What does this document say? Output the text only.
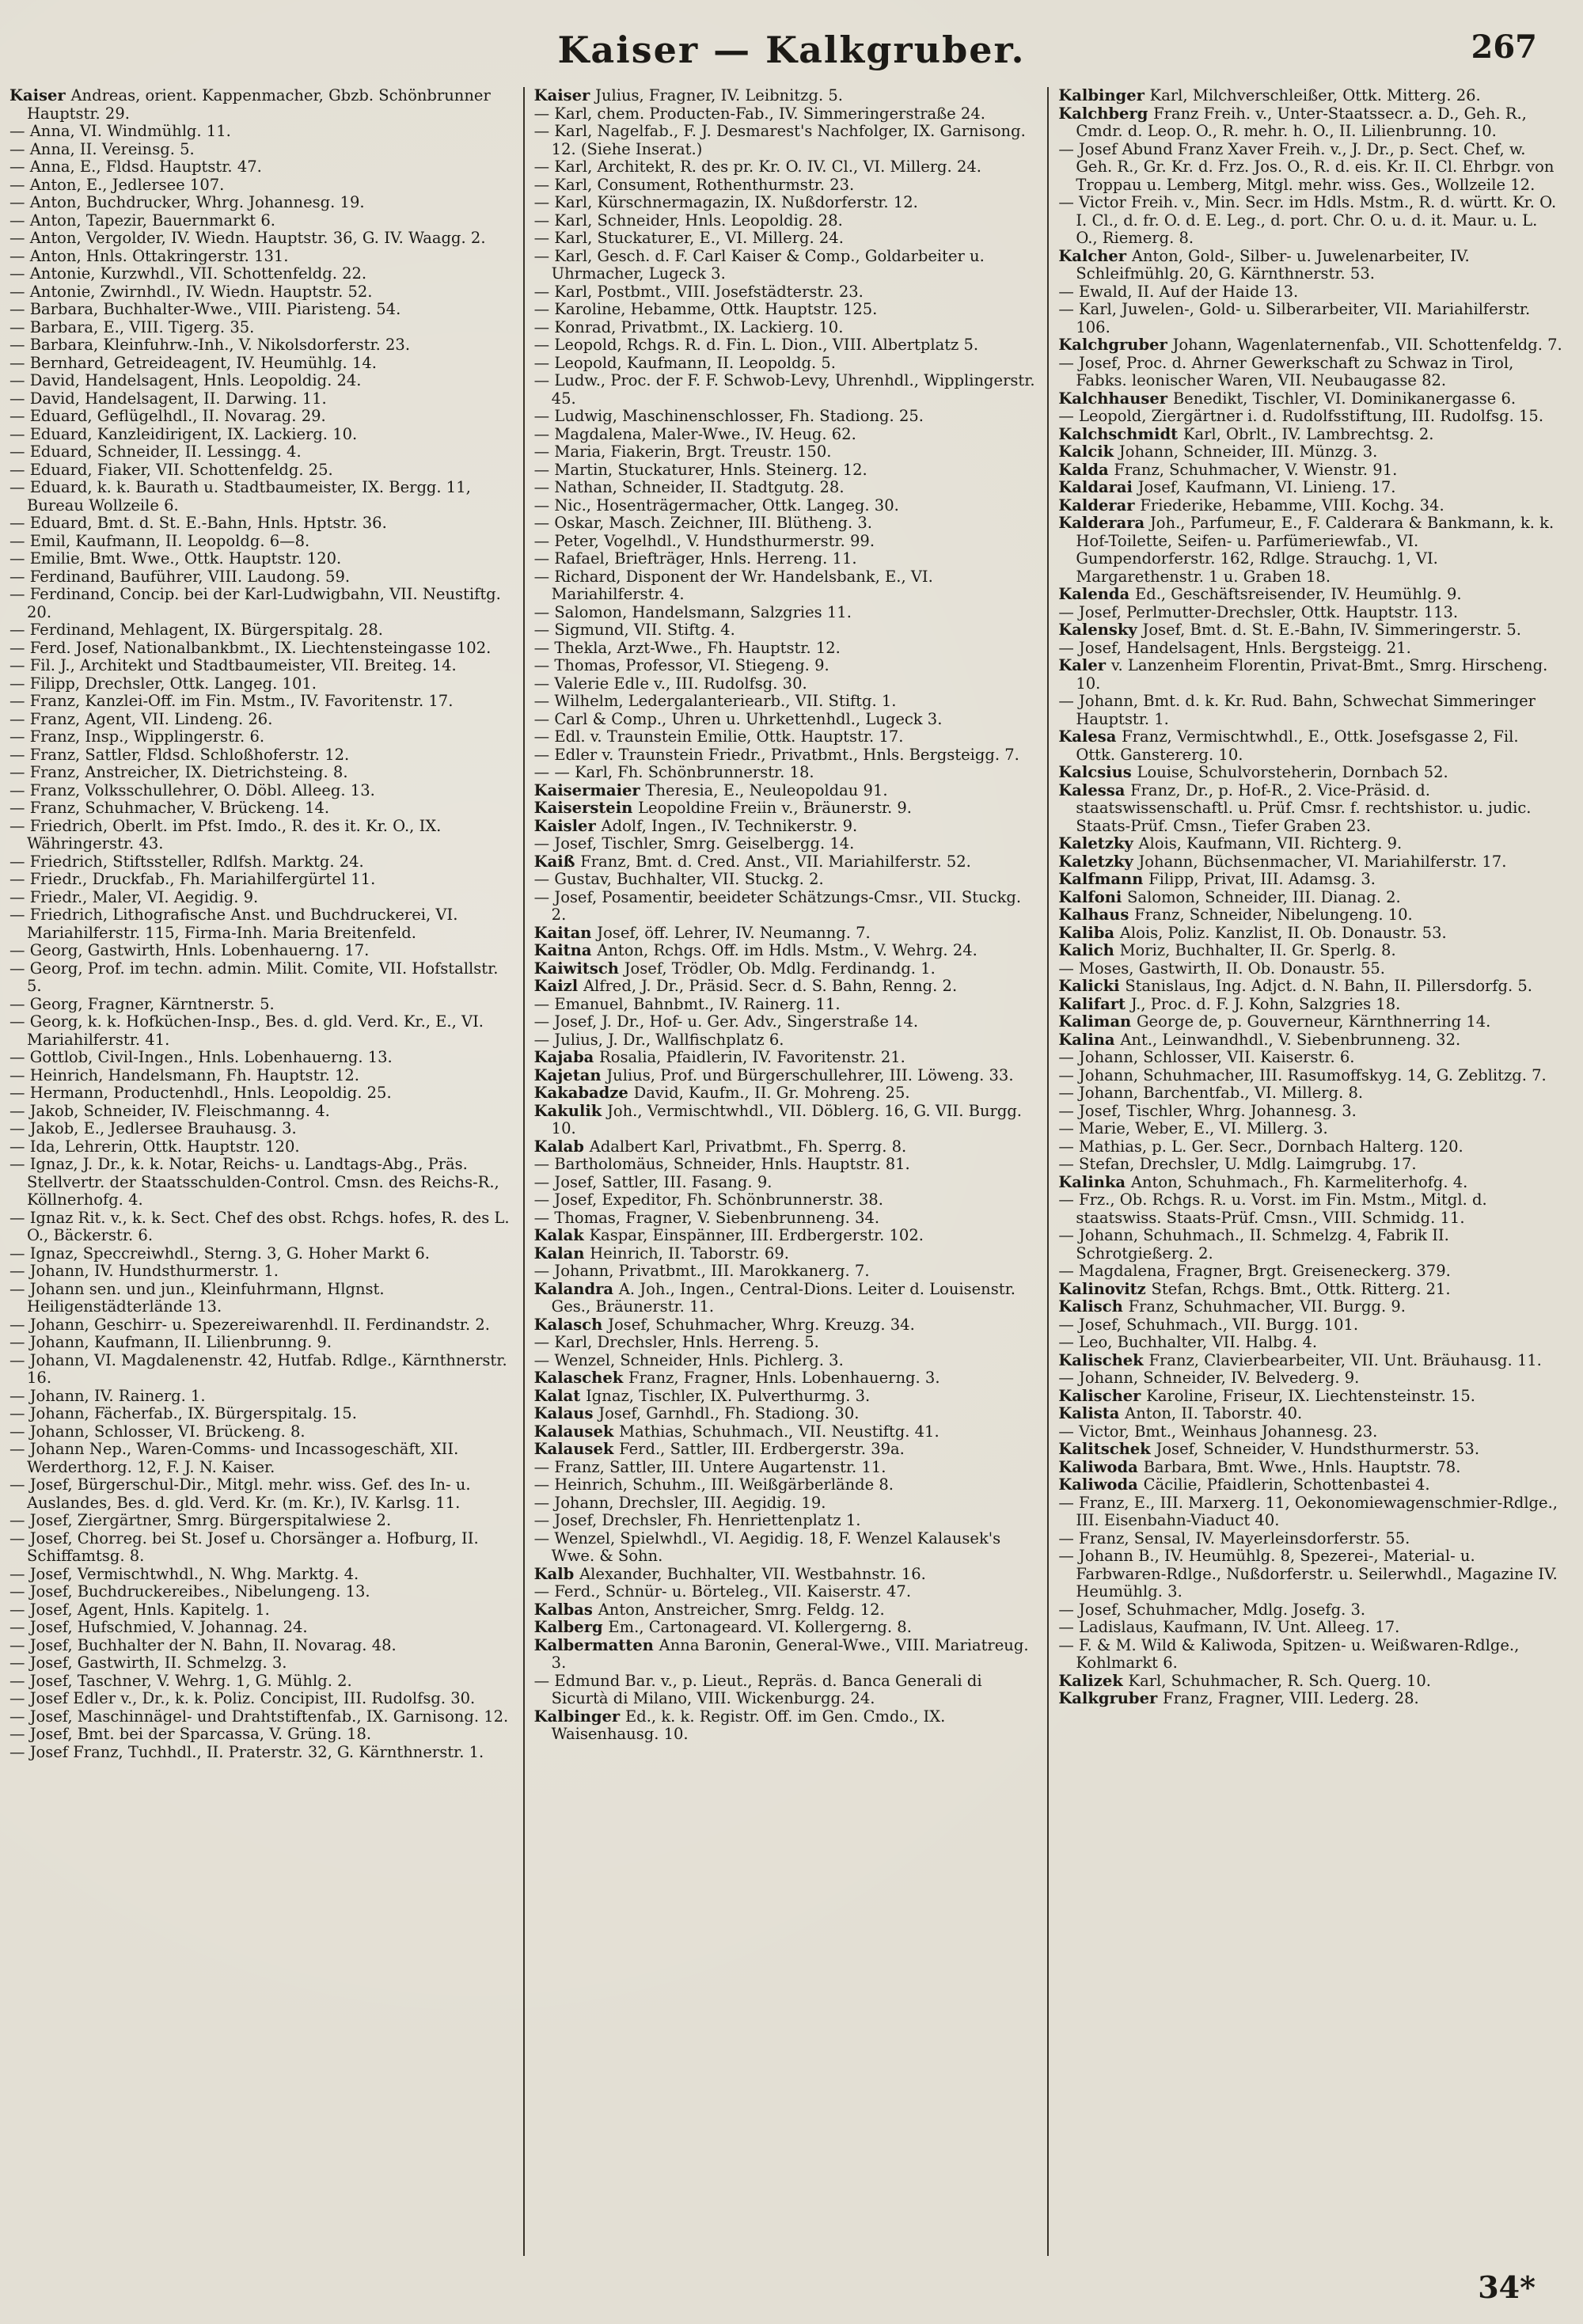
Kaiser — Kalkgruber.	267
Kaiser Andreas, orient. Kappenmacher, Gbzb. Schönbrunner Hauptstr. 29.
— Anna, VI. Windmühlg. 11.
— Anna, II. Vereinsg. 5.
— Anna, E., Fldsd. Hauptstr. 47.
— Anton, E., Jedlersee 107.
— Anton, Buchdrucker, Whrg. Johannesg. 19.
— Anton, Tapezir, Bauernmarkt 6.
— Anton, Vergolder, IV. Wiedn. Hauptstr. 36, G. IV. Waagg. 2.
— Anton, Hnls. Ottakringerstr. 131.
— Antonie, Kurzwhdl., VII. Schottenfeldg. 22.
— Antonie, Zwirnhdl., IV. Wiedn. Hauptstr. 52.
— Barbara, Buchhalter-Wwe., VIII. Piaristeng. 54.
— Barbara, E., VIII. Tigerg. 35.
— Barbara, Kleinfuhrw.-Inh., V. Nikolsdorferstr. 23.
— Bernhard, Getreideagent, IV. Heumühlg. 14.
— David, Handelsagent, Hnls. Leopoldig. 24.
— David, Handelsagent, II. Darwing. 11.
— Eduard, Geflügelhdl., II. Novarag. 29.
— Eduard, Kanzleidirigent, IX. Lackierg. 10.
— Eduard, Schneider, II. Lessingg. 4.
— Eduard, Fiaker, VII. Schottenfeldg. 25.
— Eduard, k. k. Baurath u. Stadtbaumeister, IX. Bergg. 11, Bureau Wollzeile 6.
— Eduard, Bmt. d. St. E.-Bahn, Hnls. Hptstr. 36.
— Emil, Kaufmann, II. Leopoldg. 6—8.
— Emilie, Bmt. Wwe., Ottk. Hauptstr. 120.
— Ferdinand, Bauführer, VIII. Laudong. 59.
— Ferdinand, Concip. bei der Karl-Ludwigbahn, VII. Neustiftg. 20.
— Ferdinand, Mehlagent, IX. Bürgerspitalg. 28.
— Ferd. Josef, Nationalbankbmt., IX. Liechtensteingasse 102.
— Fil. J., Architekt und Stadtbaumeister, VII. Breiteg. 14.
— Filipp, Drechsler, Ottk. Langeg. 101.
— Franz, Kanzlei-Off. im Fin. Mstm., IV. Favoritenstr. 17.
— Franz, Agent, VII. Lindeng. 26.
— Franz, Insp., Wipplingerstr. 6.
— Franz, Sattler, Fldsd. Schloßhoferstr. 12.
— Franz, Anstreicher, IX. Dietrichsteing. 8.
— Franz, Volksschullehrer, O. Döbl. Alleeg. 13.
— Franz, Schuhmacher, V. Brückeng. 14.
— Friedrich, Oberlt. im Pfst. Imdo., R. des it. Kr. O., IX. Währingerstr. 43.
— Friedrich, Stiftssteller, Rdlfsh. Marktg. 24.
— Friedr., Druckfab., Fh. Mariahilfergürtel 11.
— Friedr., Maler, VI. Aegidig. 9.
— Friedrich, Lithografische Anst. und Buchdruckerei, VI. Mariahilferstr. 115, Firma-Inh. Maria Breitenfeld.
— Georg, Gastwirth, Hnls. Lobenhauerng. 17.
— Georg, Prof. im techn. admin. Milit. Comite, VII. Hofstallstr. 5.
— Georg, Fragner, Kärntnerstr. 5.
— Georg, k. k. Hofküchen-Insp., Bes. d. gld. Verd. Kr., E., VI. Mariahilferstr. 41.
— Gottlob, Civil-Ingen., Hnls. Lobenhauerng. 13.
— Heinrich, Handelsmann, Fh. Hauptstr. 12.
— Hermann, Productenhdl., Hnls. Leopoldig. 25.
— Jakob, Schneider, IV. Fleischmanng. 4.
— Jakob, E., Jedlersee Brauhausg. 3.
— Ida, Lehrerin, Ottk. Hauptstr. 120.
— Ignaz, J. Dr., k. k. Notar, Reichs- u. Landtags-Abg., Präs. Stellvertr. der Staatsschulden-Control. Cmsn. des Reichs-R., Köllnerhofg. 4.
— Ignaz Rit. v., k. k. Sect. Chef des obst. Rchgs. hofes, R. des L. O., Bäckerstr. 6.
— Ignaz, Speccreiwhdl., Sterng. 3, G. Hoher Markt 6.
— Johann, IV. Hundsthurmerstr. 1.
— Johann sen. und jun., Kleinfuhrmann, Hlgnst. Heiligenstädterlände 13.
— Johann, Geschirr- u. Spezereiwarenhdl. II. Ferdinandstr. 2.
— Johann, Kaufmann, II. Lilienbrunng. 9.
— Johann, VI. Magdalenenstr. 42, Hutfab. Rdlge., Kärnthnerstr. 16.
— Johann, IV. Rainerg. 1.
— Johann, Fächerfab., IX. Bürgerspitalg. 15.
— Johann, Schlosser, VI. Brückeng. 8.
— Johann Nep., Waren-Comms- und Incassogeschäft, XII. Werderthorg. 12, F. J. N. Kaiser.
— Josef, Bürgerschul-Dir., Mitgl. mehr. wiss. Gef. des In- u. Auslandes, Bes. d. gld. Verd. Kr. (m. Kr.), IV. Karlsg. 11.
— Josef, Ziergärtner, Smrg. Bürgerspitalwiese 2.
— Josef, Chorreg. bei St. Josef u. Chorsänger a. Hofburg, II. Schiffamtsg. 8.
— Josef, Vermischtwhdl., N. Whg. Marktg. 4.
— Josef, Buchdruckereibes., Nibelungeng. 13.
— Josef, Agent, Hnls. Kapitelg. 1.
— Josef, Hufschmied, V. Johannag. 24.
— Josef, Buchhalter der N. Bahn, II. Novarag. 48.
— Josef, Gastwirth, II. Schmelzg. 3.
— Josef, Taschner, V. Wehrg. 1, G. Mühlg. 2.
— Josef Edler v., Dr., k. k. Poliz. Concipist, III. Rudolfsg. 30.
— Josef, Maschinnägel- und Drahtstiftenfab., IX. Garnisong. 12.
— Josef, Bmt. bei der Sparcassa, V. Grüng. 18.
— Josef Franz, Tuchhdl., II. Praterstr. 32, G. Kärnthnerstr. 1.
Kaiser Julius, Fragner, IV. Leibnitzg. 5.
— Karl, chem. Producten-Fab., IV. Simmeringerstraße 24.
— Karl, Nagelfab., F. J. Desmarest's Nachfolger, IX. Garnisong. 12. (Siehe Inserat.)
— Karl, Architekt, R. des pr. Kr. O. IV. Cl., VI. Millerg. 24.
— Karl, Consument, Rothenthurmstr. 23.
— Karl, Kürschnermagazin, IX. Nußdorferstr. 12.
— Karl, Schneider, Hnls. Leopoldig. 28.
— Karl, Stuckaturer, E., VI. Millerg. 24.
— Karl, Gesch. d. F. Carl Kaiser & Comp., Goldarbeiter u. Uhrmacher, Lugeck 3.
— Karl, Postbmt., VIII. Josefstädterstr. 23.
— Karoline, Hebamme, Ottk. Hauptstr. 125.
— Konrad, Privatbmt., IX. Lackierg. 10.
— Leopold, Rchgs. R. d. Fin. L. Dion., VIII. Albertplatz 5.
— Leopold, Kaufmann, II. Leopoldg. 5.
— Ludw., Proc. der F. F. Schwob-Levy, Uhrenhdl., Wipplingerstr. 45.
— Ludwig, Maschinenschlosser, Fh. Stadiong. 25.
— Magdalena, Maler-Wwe., IV. Heug. 62.
— Maria, Fiakerin, Brgt. Treustr. 150.
— Martin, Stuckaturer, Hnls. Steinerg. 12.
— Nathan, Schneider, II. Stadtgutg. 28.
— Nic., Hosenträgermacher, Ottk. Langeg. 30.
— Oskar, Masch. Zeichner, III. Blütheng. 3.
— Peter, Vogelhdl., V. Hundsthurmerstr. 99.
— Rafael, Briefträger, Hnls. Herreng. 11.
— Richard, Disponent der Wr. Handelsbank, E., VI. Mariahilferstr. 4.
— Salomon, Handelsmann, Salzgries 11.
— Sigmund, VII. Stiftg. 4.
— Thekla, Arzt-Wwe., Fh. Hauptstr. 12.
— Thomas, Professor, VI. Stiegeng. 9.
— Valerie Edle v., III. Rudolfsg. 30.
— Wilhelm, Ledergalanteriearb., VII. Stiftg. 1.
— Carl & Comp., Uhren u. Uhrkettenhdl., Lugeck 3.
— Edl. v. Traunstein Emilie, Ottk. Hauptstr. 17.
— Edler v. Traunstein Friedr., Privatbmt., Hnls. Bergsteigg. 7.
— — Karl, Fh. Schönbrunnerstr. 18.
Kaisermaier Theresia, E., Neuleopoldau 91.
Kaiserstein Leopoldine Freiin v., Bräunerstr. 9.
Kaisler Adolf, Ingen., IV. Technikerstr. 9.
— Josef, Tischler, Smrg. Geiselbergg. 14.
Kaiß Franz, Bmt. d. Cred. Anst., VII. Mariahilferstr. 52.
— Gustav, Buchhalter, VII. Stuckg. 2.
— Josef, Posamentir, beeideter Schätzungs-Cmsr., VII. Stuckg. 2.
Kaitan Josef, öff. Lehrer, IV. Neumanng. 7.
Kaitna Anton, Rchgs. Off. im Hdls. Mstm., V. Wehrg. 24.
Kaiwitsch Josef, Trödler, Ob. Mdlg. Ferdinandg. 1.
Kaizl Alfred, J. Dr., Präsid. Secr. d. S. Bahn, Renng. 2.
— Emanuel, Bahnbmt., IV. Rainerg. 11.
— Josef, J. Dr., Hof- u. Ger. Adv., Singerstraße 14.
— Julius, J. Dr., Wallfischplatz 6.
Kajaba Rosalia, Pfaidlerin, IV. Favoritenstr. 21.
Kajetan Julius, Prof. und Bürgerschullehrer, III. Löweng. 33.
Kakabadze David, Kaufm., II. Gr. Mohreng. 25.
Kakulik Joh., Vermischtwhdl., VII. Döblerg. 16, G. VII. Burgg. 10.
Kalab Adalbert Karl, Privatbmt., Fh. Sperrg. 8.
— Bartholomäus, Schneider, Hnls. Hauptstr. 81.
— Josef, Sattler, III. Fasang. 9.
— Josef, Expeditor, Fh. Schönbrunnerstr. 38.
— Thomas, Fragner, V. Siebenbrunneng. 34.
Kalak Kaspar, Einspänner, III. Erdbergerstr. 102.
Kalan Heinrich, II. Taborstr. 69.
— Johann, Privatbmt., III. Marokkanerg. 7.
Kalandra A. Joh., Ingen., Central-Dions. Leiter d. Louisenstr. Ges., Bräunerstr. 11.
Kalasch Josef, Schuhmacher, Whrg. Kreuzg. 34.
— Karl, Drechsler, Hnls. Herreng. 5.
— Wenzel, Schneider, Hnls. Pichlerg. 3.
Kalaschek Franz, Fragner, Hnls. Lobenhauerng. 3.
Kalat Ignaz, Tischler, IX. Pulverthurmg. 3.
Kalaus Josef, Garnhdl., Fh. Stadiong. 30.
Kalausek Mathias, Schuhmach., VII. Neustiftg. 41.
Kalausek Ferd., Sattler, III. Erdbergerstr. 39a.
— Franz, Sattler, III. Untere Augartenstr. 11.
— Heinrich, Schuhm., III. Weißgärberlände 8.
— Johann, Drechsler, III. Aegidig. 19.
— Josef, Drechsler, Fh. Henriettenplatz 1.
— Wenzel, Spielwhdl., VI. Aegidig. 18, F. Wenzel Kalausek's Wwe. & Sohn.
Kalb Alexander, Buchhalter, VII. Westbahnstr. 16.
— Ferd., Schnür- u. Börteleg., VII. Kaiserstr. 47.
Kalbas Anton, Anstreicher, Smrg. Feldg. 12.
Kalberg Em., Cartonageard. VI. Kollergerng. 8.
Kalbermatten Anna Baronin, General-Wwe., VIII. Mariatreug. 3.
— Edmund Bar. v., p. Lieut., Repräs. d. Banca Generali di Sicurtà di Milano, VIII. Wickenburgg. 24.
Kalbinger Ed., k. k. Registr. Off. im Gen. Cmdo., IX. Waisenhausg. 10.
Kalbinger Karl, Milchverschleißer, Ottk. Mitterg. 26.
Kalchberg Franz Freih. v., Unter-Staatssecr. a. D., Geh. R., Cmdr. d. Leop. O., R. mehr. h. O., II. Lilienbrunng. 10.
— Josef Abund Franz Xaver Freih. v., J. Dr., p. Sect. Chef, w. Geh. R., Gr. Kr. d. Frz. Jos. O., R. d. eis. Kr. II. Cl. Ehrbgr. von Troppau u. Lemberg, Mitgl. mehr. wiss. Ges., Wollzeile 12.
— Victor Freih. v., Min. Secr. im Hdls. Mstm., R. d. württ. Kr. O. I. Cl., d. fr. O. d. E. Leg., d. port. Chr. O. u. d. it. Maur. u. L. O., Riemerg. 8.
Kalcher Anton, Gold-, Silber- u. Juwelenarbeiter, IV. Schleifmühlg. 20, G. Kärnthnerstr. 53.
— Ewald, II. Auf der Haide 13.
— Karl, Juwelen-, Gold- u. Silberarbeiter, VII. Mariahilferstr. 106.
Kalchgruber Johann, Wagenlaternenfab., VII. Schottenfeldg. 7.
— Josef, Proc. d. Ahrner Gewerkschaft zu Schwaz in Tirol, Fabks. leonischer Waren, VII. Neubaugasse 82.
Kalchhauser Benedikt, Tischler, VI. Dominikanergasse 6.
— Leopold, Ziergärtner i. d. Rudolfsstiftung, III. Rudolfsg. 15.
Kalchschmidt Karl, Obrlt., IV. Lambrechtsg. 2.
Kalcik Johann, Schneider, III. Münzg. 3.
Kalda Franz, Schuhmacher, V. Wienstr. 91.
Kaldarai Josef, Kaufmann, VI. Linieng. 17.
Kalderar Friederike, Hebamme, VIII. Kochg. 34.
Kalderara Joh., Parfumeur, E., F. Calderara & Bankmann, k. k. Hof-Toilette, Seifen- u. Parfümeriewfab., VI. Gumpendorferstr. 162, Rdlge. Strauchg. 1, VI. Margarethenstr. 1 u. Graben 18.
Kalenda Ed., Geschäftsreisender, IV. Heumühlg. 9.
— Josef, Perlmutter-Drechsler, Ottk. Hauptstr. 113.
Kalensky Josef, Bmt. d. St. E.-Bahn, IV. Simmeringerstr. 5.
— Josef, Handelsagent, Hnls. Bergsteigg. 21.
Kaler v. Lanzenheim Florentin, Privat-Bmt., Smrg. Hirscheng. 10.
— Johann, Bmt. d. k. Kr. Rud. Bahn, Schwechat Simmeringer Hauptstr. 1.
Kalesa Franz, Vermischtwhdl., E., Ottk. Josefsgasse 2, Fil. Ottk. Ganstererg. 10.
Kalcsius Louise, Schulvorsteherin, Dornbach 52.
Kalessa Franz, Dr., p. Hof-R., 2. Vice-Präsid. d. staatswissenschaftl. u. Prüf. Cmsr. f. rechtshistor. u. judic. Staats-Prüf. Cmsn., Tiefer Graben 23.
Kaletzky Alois, Kaufmann, VII. Richterg. 9.
Kaletzky Johann, Büchsenmacher, VI. Mariahilferstr. 17.
Kalfmann Filipp, Privat, III. Adamsg. 3.
Kalfoni Salomon, Schneider, III. Dianag. 2.
Kalhaus Franz, Schneider, Nibelungeng. 10.
Kaliba Alois, Poliz. Kanzlist, II. Ob. Donaustr. 53.
Kalich Moriz, Buchhalter, II. Gr. Sperlg. 8.
— Moses, Gastwirth, II. Ob. Donaustr. 55.
Kalicki Stanislaus, Ing. Adjct. d. N. Bahn, II. Pillersdorfg. 5.
Kalifart J., Proc. d. F. J. Kohn, Salzgries 18.
Kaliman George de, p. Gouverneur, Kärnthnerring 14.
Kalina Ant., Leinwandhdl., V. Siebenbrunneng. 32.
— Johann, Schlosser, VII. Kaiserstr. 6.
— Johann, Schuhmacher, III. Rasumoffskyg. 14, G. Zeblitzg. 7.
— Johann, Barchentfab., VI. Millerg. 8.
— Josef, Tischler, Whrg. Johannesg. 3.
— Marie, Weber, E., VI. Millerg. 3.
— Mathias, p. L. Ger. Secr., Dornbach Halterg. 120.
— Stefan, Drechsler, U. Mdlg. Laimgrubg. 17.
Kalinka Anton, Schuhmach., Fh. Karmeliterhofg. 4.
— Frz., Ob. Rchgs. R. u. Vorst. im Fin. Mstm., Mitgl. d. staatswiss. Staats-Prüf. Cmsn., VIII. Schmidg. 11.
— Johann, Schuhmach., II. Schmelzg. 4, Fabrik II. Schrotgießerg. 2.
— Magdalena, Fragner, Brgt. Greiseneckerg. 379.
Kalinovitz Stefan, Rchgs. Bmt., Ottk. Ritterg. 21.
Kalisch Franz, Schuhmacher, VII. Burgg. 9.
— Josef, Schuhmach., VII. Burgg. 101.
— Leo, Buchhalter, VII. Halbg. 4.
Kalischek Franz, Clavierbearbeiter, VII. Unt. Bräuhausg. 11.
— Johann, Schneider, IV. Belvederg. 9.
Kalischer Karoline, Friseur, IX. Liechtensteinstr. 15.
Kalista Anton, II. Taborstr. 40.
— Victor, Bmt., Weinhaus Johannesg. 23.
Kalitschek Josef, Schneider, V. Hundsthurmerstr. 53.
Kaliwoda Barbara, Bmt. Wwe., Hnls. Hauptstr. 78.
Kaliwoda Cäcilie, Pfaidlerin, Schottenbastei 4.
— Franz, E., III. Marxerg. 11, Oekonomiewagenschmier-Rdlge., III. Eisenbahn-Viaduct 40.
— Franz, Sensal, IV. Mayerleinsdorferstr. 55.
— Johann B., IV. Heumühlg. 8, Spezerei-, Material- u. Farbwaren-Rdlge., Nußdorferstr. u. Seilerwhdl., Magazine IV. Heumühlg. 3.
— Josef, Schuhmacher, Mdlg. Josefg. 3.
— Ladislaus, Kaufmann, IV. Unt. Alleeg. 17.
— F. & M. Wild & Kaliwoda, Spitzen- u. Weißwaren-Rdlge., Kohlmarkt 6.
Kalizek Karl, Schuhmacher, R. Sch. Querg. 10.
Kalkgruber Franz, Fragner, VIII. Lederg. 28.
34*
